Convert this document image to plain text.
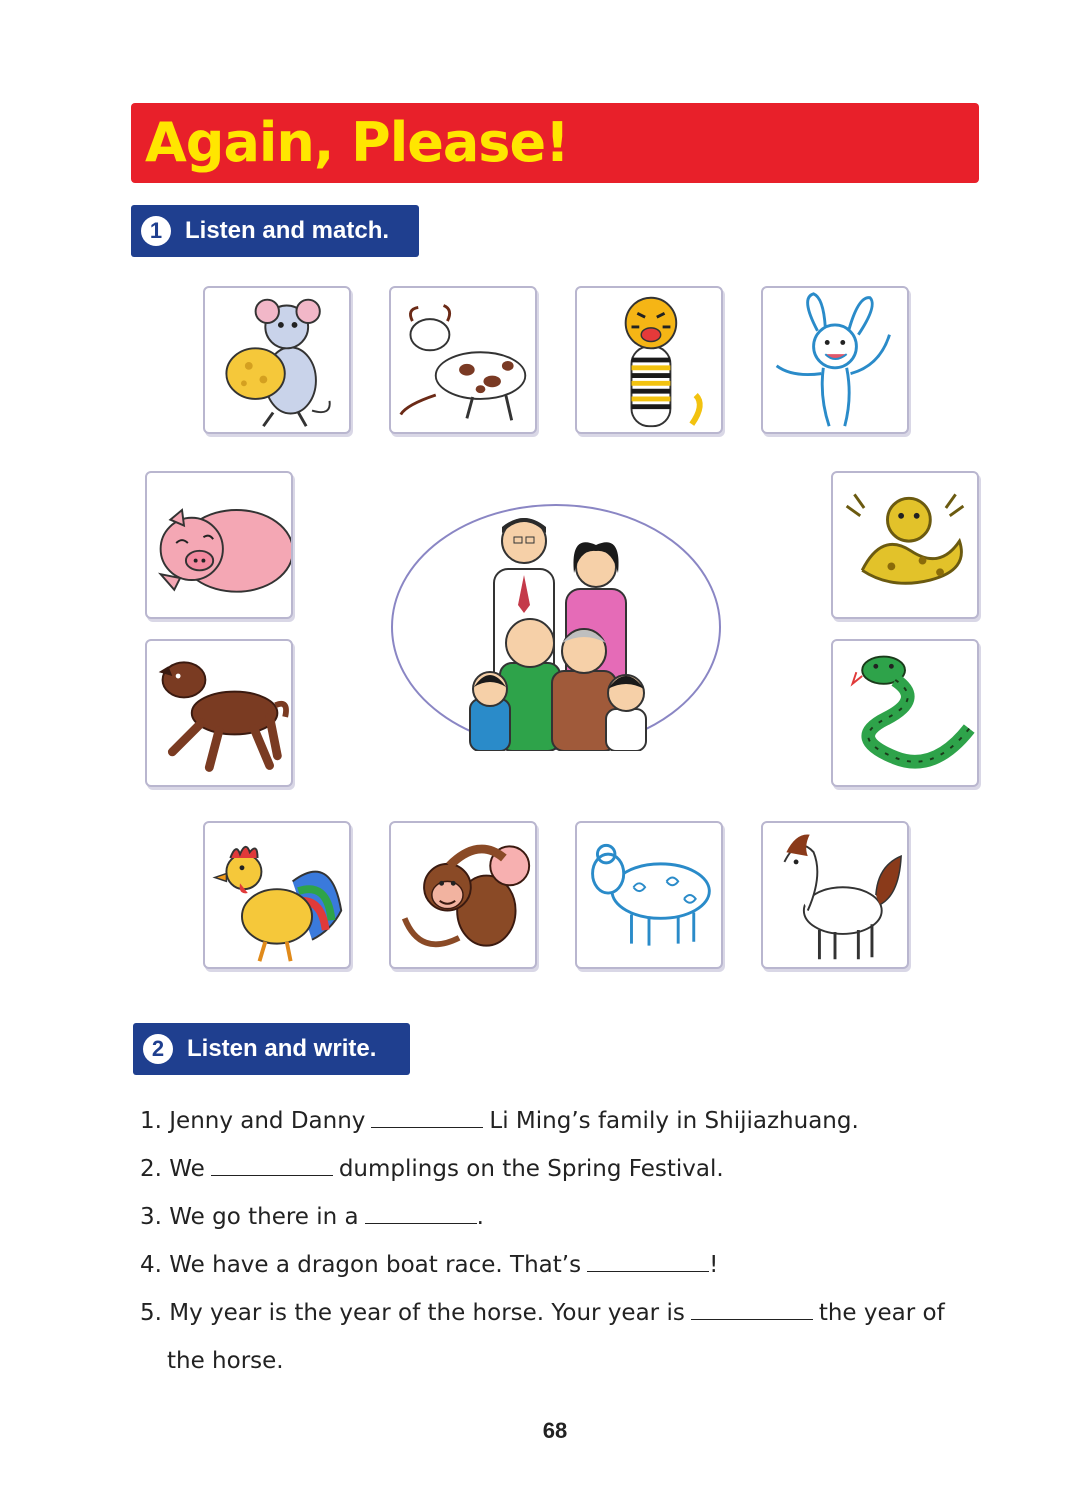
Again, Please!
1 Listen and match.
2 Listen and write.
1. Jenny and Danny	Li Ming’s family in Shijiazhuang.
2. We	dumplings on the Spring Festival.
3. We go there in a	.
4. We have a dragon boat race. That’s	!
5. My year is the year of the horse. Your year is	the year of
the horse.
68
